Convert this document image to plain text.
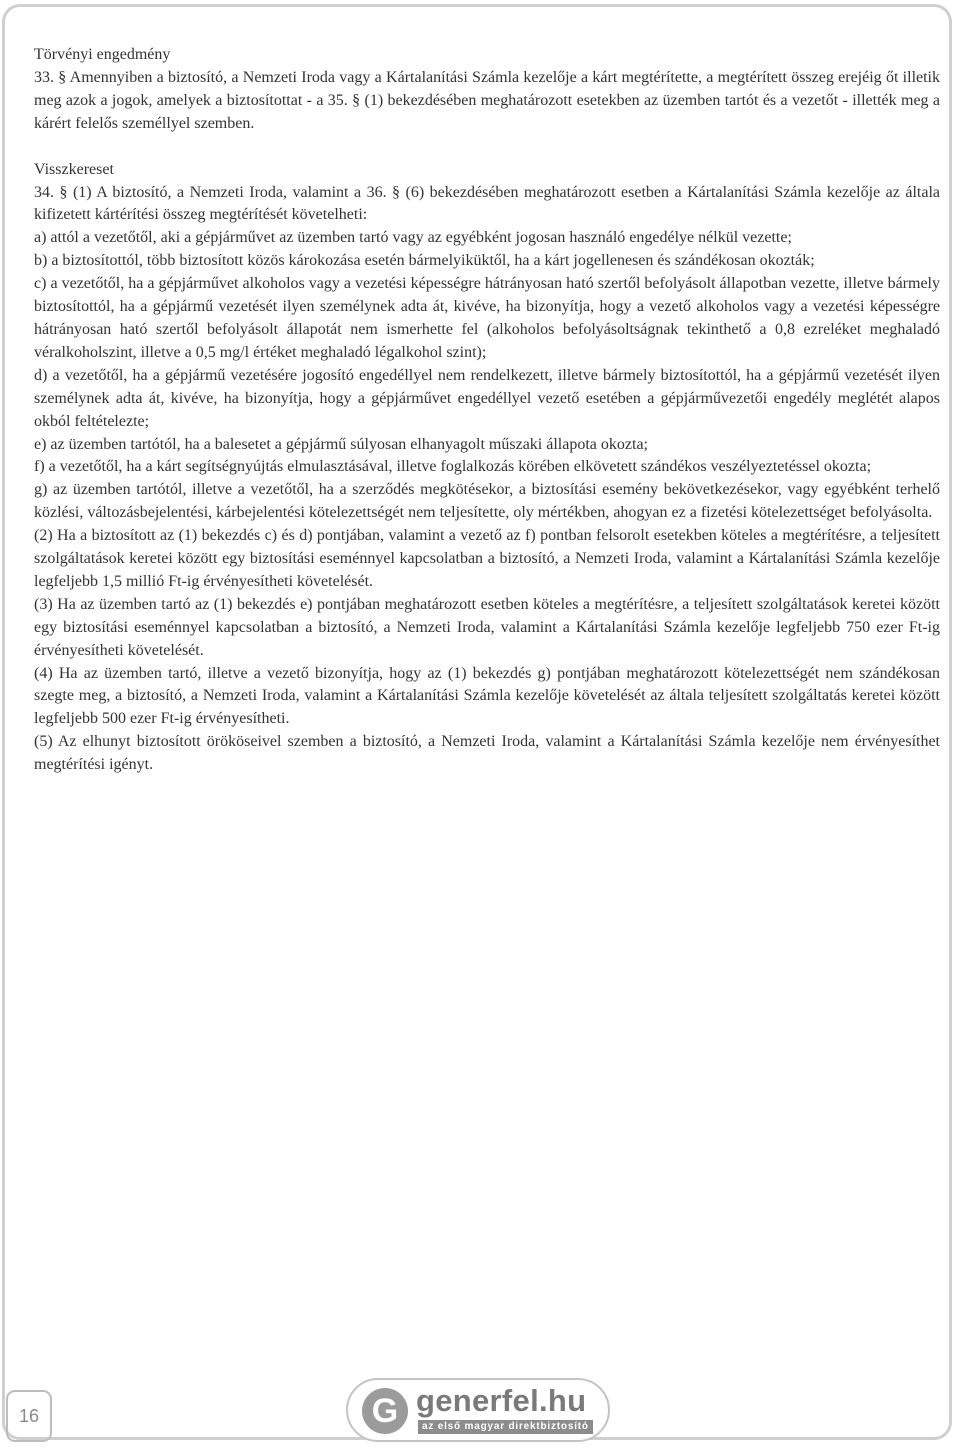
Törvényi engedmény

33. § Amennyiben a biztosító, a Nemzeti Iroda vagy a Kártalanítási Számla kezelője a kárt megtérítette, a megtérített összeg erejéig őt illetik meg azok a jogok, amelyek a biztosítottat - a 35. § (1) bekezdésében meghatározott esetekben az üzemben tartót és a vezetőt - illették meg a kárért felelős személlyel szemben.

Visszkereset

34. § (1) A biztosító, a Nemzeti Iroda, valamint a 36. § (6) bekezdésében meghatározott esetben a Kártalanítási Számla kezelője az általa kifizetett kártérítési összeg megtérítését követelheti:

a) attól a vezetőtől, aki a gépjárművet az üzemben tartó vagy az egyébként jogosan használó engedélye nélkül vezette;

b) a biztosítottól, több biztosított közös károkozása esetén bármelyiküktől, ha a kárt jogellenesen és szándékosan okozták;

c) a vezetőtől, ha a gépjárművet alkoholos vagy a vezetési képességre hátrányosan ható szertől befolyásolt állapotban vezette, illetve bármely biztosítottól, ha a gépjármű vezetését ilyen személynek adta át, kivéve, ha bizonyítja, hogy a vezető alkoholos vagy a vezetési képességre hátrányosan ható szertől befolyásolt állapotát nem ismerhette fel (alkoholos befolyásoltságnak tekinthető a 0,8 ezreléket meghaladó véralkoholszint, illetve a 0,5 mg/l értéket meghaladó légalkohol szint);

d) a vezetőtől, ha a gépjármű vezetésére jogosító engedéllyel nem rendelkezett, illetve bármely biztosítottól, ha a gépjármű vezetését ilyen személynek adta át, kivéve, ha bizonyítja, hogy a gépjárművet engedéllyel vezető esetében a gépjárművezetői engedély meglétét alapos okból feltételezte;

e) az üzemben tartótól, ha a balesetet a gépjármű súlyosan elhanyagolt műszaki állapota okozta;

f) a vezetőtől, ha a kárt segítségnyújtás elmulasztásával, illetve foglalkozás körében elkövetett szándékos veszélyeztetéssel okozta;

g) az üzemben tartótól, illetve a vezetőtől, ha a szerződés megkötésekor, a biztosítási esemény bekövetkezésekor, vagy egyébként terhelő közlési, változásbejelentési, kárbejelentési kötelezettségét nem teljesítette, oly mértékben, ahogyan ez a fizetési kötelezettséget befolyásolta.

(2) Ha a biztosított az (1) bekezdés c) és d) pontjában, valamint a vezető az f) pontban felsorolt esetekben köteles a megtérítésre, a teljesített szolgáltatások keretei között egy biztosítási eseménnyel kapcsolatban a biztosító, a Nemzeti Iroda, valamint a Kártalanítási Számla kezelője legfeljebb 1,5 millió Ft-ig érvényesítheti követelését.

(3) Ha az üzemben tartó az (1) bekezdés e) pontjában meghatározott esetben köteles a megtérítésre, a teljesített szolgáltatások keretei között egy biztosítási eseménnyel kapcsolatban a biztosító, a Nemzeti Iroda, valamint a Kártalanítási Számla kezelője legfeljebb 750 ezer Ft-ig érvényesítheti követelését.

(4) Ha az üzemben tartó, illetve a vezető bizonyítja, hogy az (1) bekezdés g) pontjában meghatározott kötelezettségét nem szándékosan szegte meg, a biztosító, a Nemzeti Iroda, valamint a Kártalanítási Számla kezelője követelését az általa teljesített szolgáltatás keretei között legfeljebb 500 ezer Ft-ig érvényesítheti.

(5) Az elhunyt biztosított örököseivel szemben a biztosító, a Nemzeti Iroda, valamint a Kártalanítási Számla kezelője nem érvényesíthet megtérítési igényt.

16	G generfel.hu
az első magyar direktbiztosító
